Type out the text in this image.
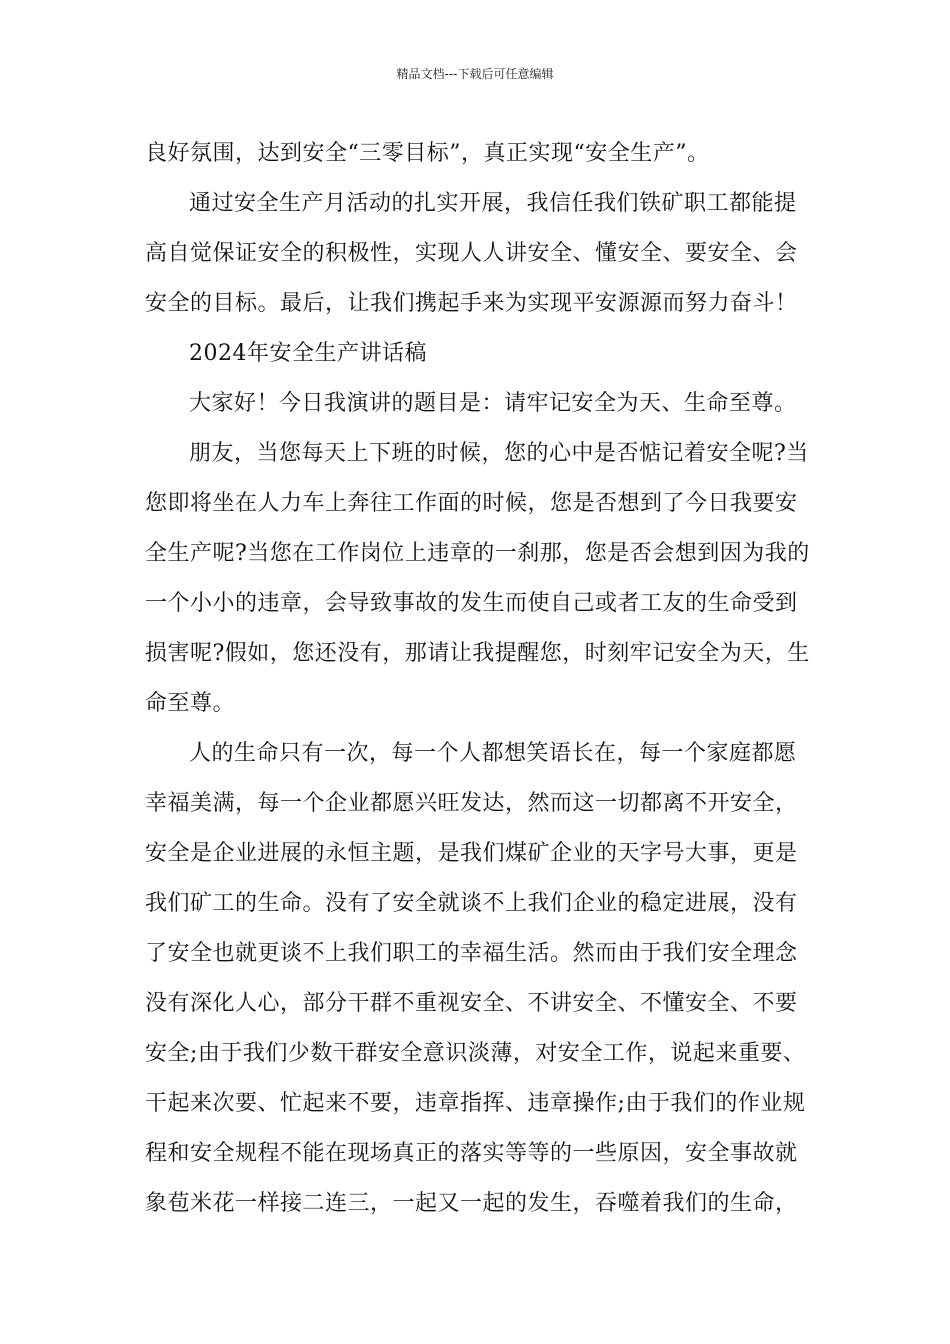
精品文档---下载后可任意编辑
良好氛围，达到安全“三零目标”，真正实现“安全生产”。
通过安全生产月活动的扎实开展，我信任我们铁矿职工都能提
高自觉保证安全的积极性，实现人人讲安全、懂安全、要安全、会
安全的目标。最后，让我们携起手来为实现平安源源而努力奋斗！
2024年安全生产讲话稿
大家好！今日我演讲的题目是：请牢记安全为天、生命至尊。
朋友，当您每天上下班的时候，您的心中是否惦记着安全呢?当
您即将坐在人力车上奔往工作面的时候，您是否想到了今日我要安
全生产呢?当您在工作岗位上违章的一刹那，您是否会想到因为我的
一个小小的违章，会导致事故的发生而使自己或者工友的生命受到
损害呢?假如，您还没有，那请让我提醒您，时刻牢记安全为天，生
命至尊。
人的生命只有一次，每一个人都想笑语长在，每一个家庭都愿
幸福美满，每一个企业都愿兴旺发达，然而这一切都离不开安全，
安全是企业进展的永恒主题，是我们煤矿企业的天字号大事，更是
我们矿工的生命。没有了安全就谈不上我们企业的稳定进展，没有
了安全也就更谈不上我们职工的幸福生活。然而由于我们安全理念
没有深化人心，部分干群不重视安全、不讲安全、不懂安全、不要
安全;由于我们少数干群安全意识淡薄，对安全工作，说起来重要、
干起来次要、忙起来不要，违章指挥、违章操作;由于我们的作业规
程和安全规程不能在现场真正的落实等等的一些原因，安全事故就
象苞米花一样接二连三，一起又一起的发生，吞噬着我们的生命，
